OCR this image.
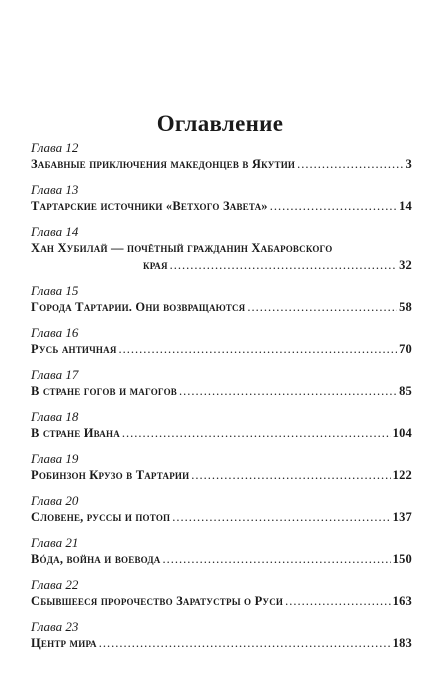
Оглавление
Глава 12
Забавные приключения македонцев в Якутии .....	3
Глава 13
Тартарские источники «Ветхого Завета» .....	14
Глава 14
Хан Хубилай — почётный гражданин Хабаровского
края .....	32
Глава 15
Города Тартарии. Они возвращаются .....	58
Глава 16
Русь античная .....	70
Глава 17
В стране гогов и магогов .....	85
Глава 18
В стране Ивана .....	104
Глава 19
Робинзон Крузо в Тартарии .....	122
Глава 20
Словене, руссы и потоп .....	137
Глава 21
Вóда, война и воевода .....	150
Глава 22
Сбывшееся пророчество Заратустры о Руси .....	163
Глава 23
Центр мира .....	183
